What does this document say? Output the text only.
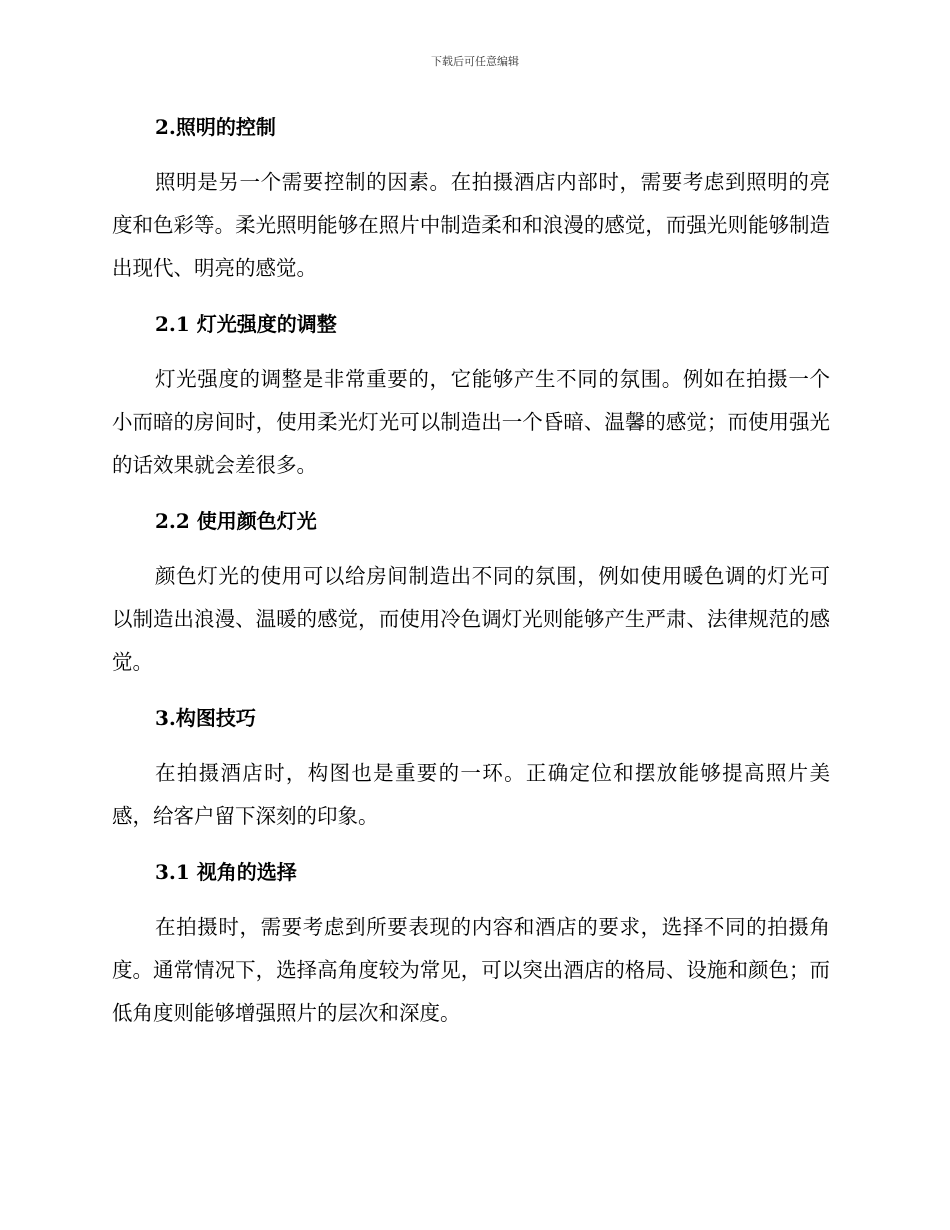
下载后可任意编辑
2.照明的控制

照明是另一个需要控制的因素。在拍摄酒店内部时，需要考虑到照明的亮度和色彩等。柔光照明能够在照片中制造柔和和浪漫的感觉，而强光则能够制造出现代、明亮的感觉。

2.1 灯光强度的调整

灯光强度的调整是非常重要的，它能够产生不同的氛围。例如在拍摄一个小而暗的房间时，使用柔光灯光可以制造出一个昏暗、温馨的感觉；而使用强光的话效果就会差很多。

2.2 使用颜色灯光

颜色灯光的使用可以给房间制造出不同的氛围，例如使用暖色调的灯光可以制造出浪漫、温暖的感觉，而使用冷色调灯光则能够产生严肃、法律规范的感觉。

3.构图技巧

在拍摄酒店时，构图也是重要的一环。正确定位和摆放能够提高照片美感，给客户留下深刻的印象。

3.1 视角的选择

在拍摄时，需要考虑到所要表现的内容和酒店的要求，选择不同的拍摄角度。通常情况下，选择高角度较为常见，可以突出酒店的格局、设施和颜色；而低角度则能够增强照片的层次和深度。
